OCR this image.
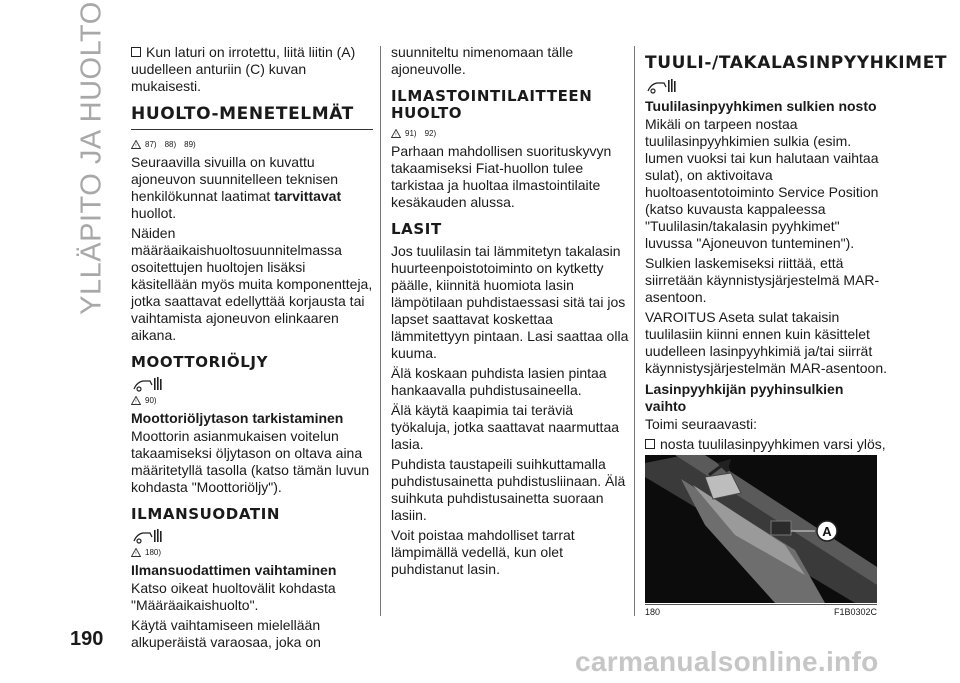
YLLÄPITO JA HUOLTO
190

Kun laturi on irrotettu, liitä liitin (A) uudelleen anturiin (C) kuvan mukaisesti.

HUOLTO-MENETELMÄT
! 87) 88) 89)

Seuraavilla sivuilla on kuvattu ajoneuvon suunnitelleen teknisen henkilökunnat laatimat tarvittavat huollot.

Näiden määräaikaishuoltosuunnitelmassa osoitettujen huoltojen lisäksi käsitellään myös muita komponentteja, jotka saattavat edellyttää korjausta tai vaihtamista ajoneuvon elinkaaren aikana.

MOOTTORIÖLJY
! 90)
Moottoriöljytason tarkistaminen

Moottorin asianmukaisen voitelun takaamiseksi öljytason on oltava aina määritetyllä tasolla (katso tämän luvun kohdasta "Moottoriöljy").

ILMANSUODATIN
! 180)
Ilmansuodattimen vaihtaminen

Katso oikeat huoltovälit kohdasta "Määräaikaishuolto".

Käytä vaihtamiseen mielellään alkuperäistä varaosaa, joka on

suunniteltu nimenomaan tälle ajoneuvolle.

ILMASTOINTILAITTEEN HUOLTO
! 91) 92)

Parhaan mahdollisen suorituskyvyn takaamiseksi Fiat-huollon tulee tarkistaa ja huoltaa ilmastointilaite kesäkauden alussa.

LASIT

Jos tuulilasin tai lämmitetyn takalasin huurteenpoistotoiminto on kytketty päälle, kiinnitä huomiota lasin lämpötilaan puhdistaessasi sitä tai jos lapset saattavat koskettaa lämmitettyyn pintaan. Lasi saattaa olla kuuma.

Älä koskaan puhdista lasien pintaa hankaavalla puhdistusaineella.

Älä käytä kaapimia tai teräviä työkaluja, jotka saattavat naarmuttaa lasia.

Puhdista taustapeili suihkuttamalla puhdistusainetta puhdistusliinaan. Älä suihkuta puhdistusainetta suoraan lasiin.

Voit poistaa mahdolliset tarrat lämpimällä vedellä, kun olet puhdistanut lasin.

TUULI-/TAKALASINPYYHKIMET
Tuulilasinpyyhkimen sulkien nosto

Mikäli on tarpeen nostaa tuulilasinpyyhkimien sulkia (esim. lumen vuoksi tai kun halutaan vaihtaa sulat), on aktivoitava huoltoasentotoiminto Service Position (katso kuvausta kappaleessa "Tuulilasin/takalasin pyyhkimet" luvussa "Ajoneuvon tunteminen").

Sulkien laskemiseksi riittää, että siirretään käynnistysjärjestelmä MAR-asentoon.

VAROITUS Aseta sulat takaisin tuulilasiin kiinni ennen kuin käsittelet uudelleen lasinpyyhkimiä ja/tai siirrät käynnistysjärjestelmän MAR-asentoon.

Lasinpyyhkijän pyyhinsulkien vaihto

Toimi seuraavasti:

nosta tuulilasinpyyhkimen varsi ylös,

A
180	F1B0302C
carmanualsonline.info
